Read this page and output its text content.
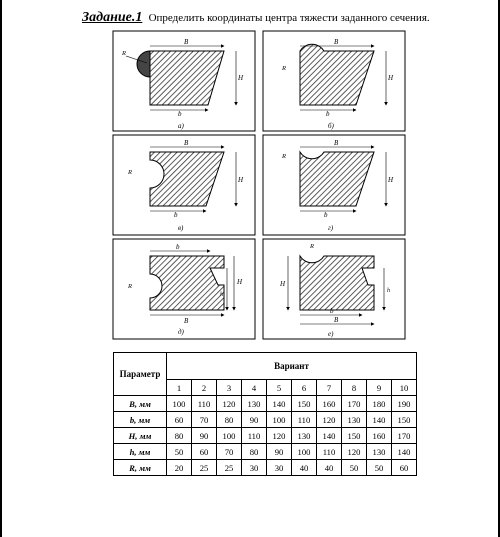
Задание.1 Определить координаты центра тяжести заданного сечения.
R
B
H
b
а)
R
B
H
b
б)
R
B
H
b
в)
R
B
H
b
г)
R
b
H
h
B
д)
H
R
h
b
B
е)
Параметр	Вариант									
	1	2	3	4	5	6	7	8	9	10
B, мм	100	110	120	130	140	150	160	170	180	190
b, мм	60	70	80	90	100	110	120	130	140	150
H, мм	80	90	100	110	120	130	140	150	160	170
h, мм	50	60	70	80	90	100	110	120	130	140
R, мм	20	25	25	30	30	40	40	50	50	60
